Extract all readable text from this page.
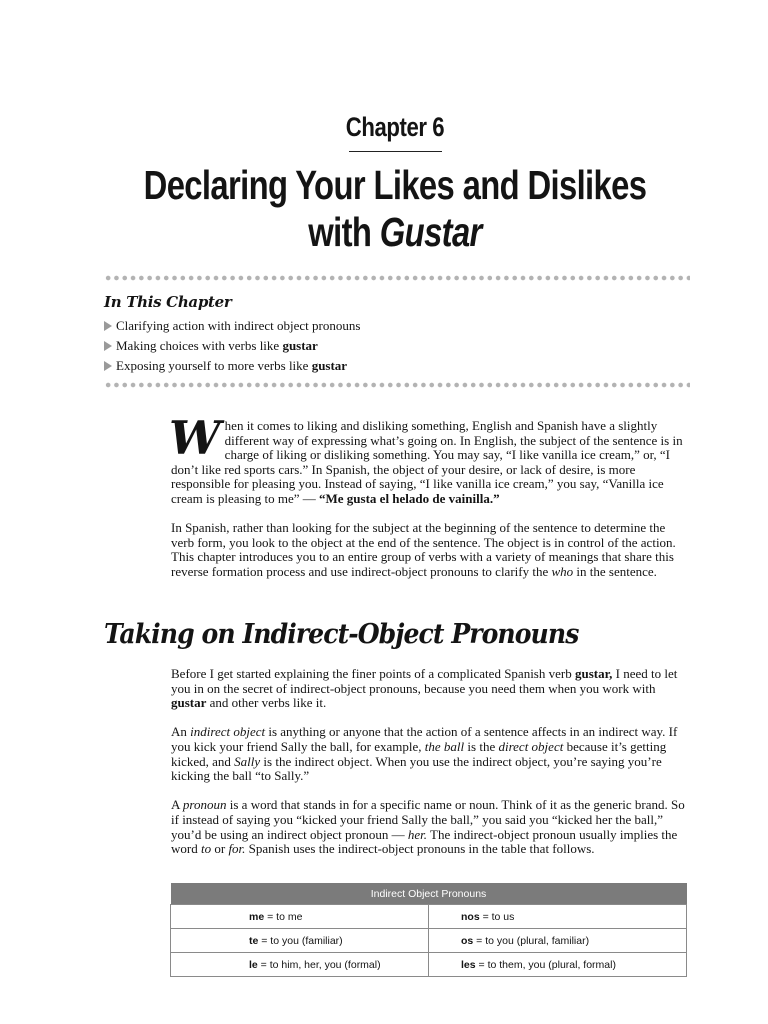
Chapter 6
Declaring Your Likes and Dislikes
with Gustar
In This Chapter
Clarifying action with indirect object pronouns
Making choices with verbs like
gustar
Exposing yourself to more verbs like
gustar

When it comes to liking and disliking something, English and Spanish have a slightly different way of expressing what’s going on. In English, the subject of the sentence is in charge of liking or disliking something. You may say, “I like vanilla ice cream,” or, “I don’t like red sports cars.” In Spanish, the object of your desire, or lack of desire, is more responsible for pleasing you. Instead of saying, “I like vanilla ice cream,” you say, “Vanilla ice cream is pleasing to me” — “Me gusta el helado de vainilla.”

In Spanish, rather than looking for the subject at the beginning of the sentence to determine the verb form, you look to the object at the end of the sentence. The object is in control of the action. This chapter introduces you to an entire group of verbs with a variety of meanings that share this reverse formation process and use indirect-object pronouns to clarify the who in the sentence.

Taking on Indirect-Object Pronouns

Before I get started explaining the finer points of a complicated Spanish verb gustar, I need to let you in on the secret of indirect-object pronouns, because you need them when you work with gustar and other verbs like it.

An indirect object is anything or anyone that the action of a sentence affects in an indirect way. If you kick your friend Sally the ball, for example, the ball is the direct object because it’s getting kicked, and Sally is the indirect object. When you use the indirect object, you’re saying you’re kicking the ball “to Sally.”

A pronoun is a word that stands in for a specific name or noun. Think of it as the generic brand. So if instead of saying you “kicked your friend Sally the ball,” you said you “kicked her the ball,” you’d be using an indirect object pronoun — her. The indirect-object pronoun usually implies the word to or for. Spanish uses the indirect-object pronouns in the table that follows.

Indirect Object Pronouns	

me = to me	nos = to us

te = to you (familiar)	os = to you (plural, familiar)

le = to him, her, you (formal)	les = to them, you (plural, formal)
